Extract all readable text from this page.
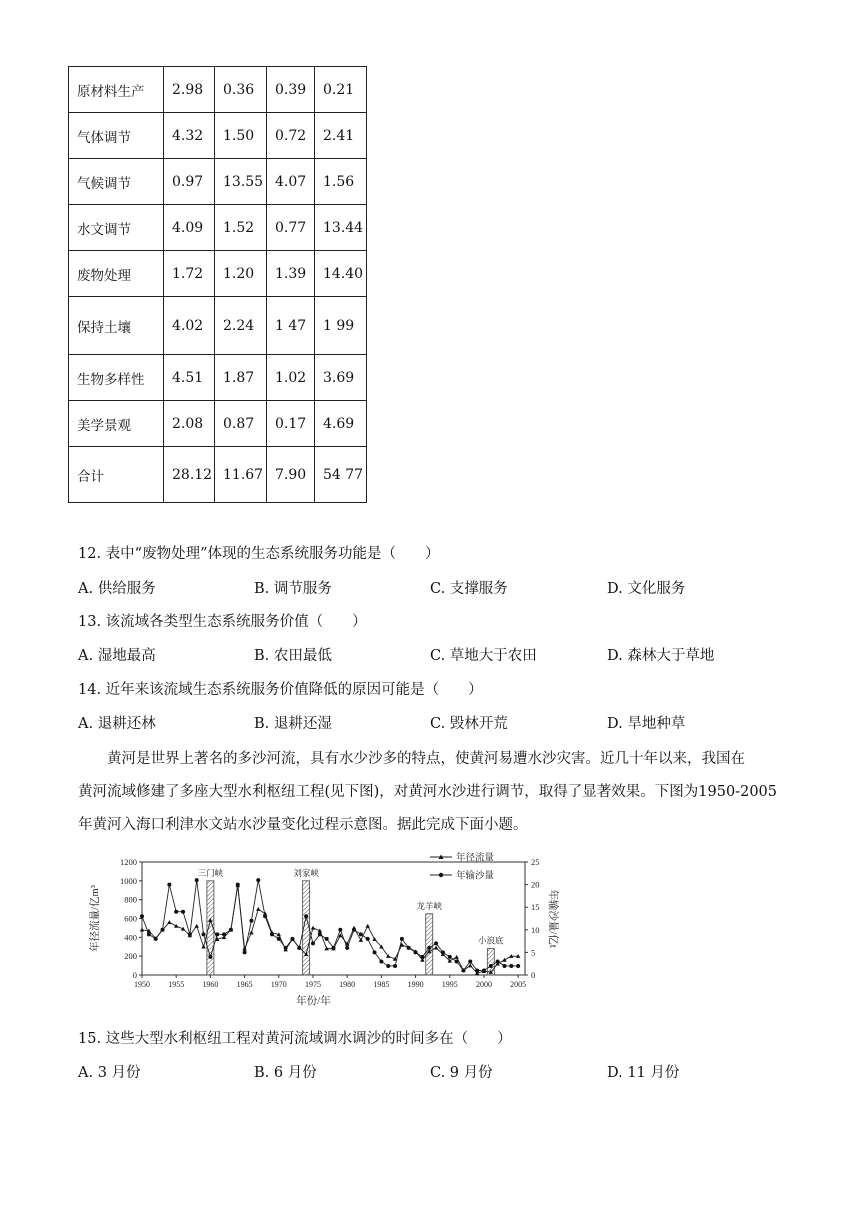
原材料生产	2.98	0.36	0.39	0.21
气体调节	4.32	1.50	0.72	2.41
气候调节	0.97	13.55	4.07	1.56
水文调节	4.09	1.52	0.77	13.44
废物处理	1.72	1.20	1.39	14.40
保持土壤	4.02	2.24	1 47	1 99
生物多样性	4.51	1.87	1.02	3.69
美学景观	2.08	0.87	0.17	4.69
合计	28.12	11.67	7.90	54 77
12. 表中“废物处理”体现的生态系统服务功能是（　　）
A. 供给服务	B. 调节服务	C. 支撑服务	D. 文化服务
13. 该流域各类型生态系统服务价值（　　）
A. 湿地最高	B. 农田最低	C. 草地大于农田	D. 森林大于草地
14. 近年来该流域生态系统服务价值降低的原因可能是（　　）
A. 退耕还林	B. 退耕还湿	C. 毁林开荒	D. 旱地种草
黄河是世界上著名的多沙河流，具有水少沙多的特点，使黄河易遭水沙灾害。近几十年以来，我国在
黄河流域修建了多座大型水利枢纽工程(见下图)，对黄河水沙进行调节，取得了显著效果。下图为1950-2005
年黄河入海口利津水文站水沙量变化过程示意图。据此完成下面小题。
三门峡	刘家峡
龙羊峡
小浪底
1950 1955 1960 1965 1970 1975 1980 1985 1990 1995 2000 2005
0
200
400
600
800
1000
1200
0
5
10
15
20
25
年份/年
年径流量/亿m³	年输沙量/亿t
年径流量
年输沙量
15. 这些大型水利枢纽工程对黄河流域调水调沙的时间多在（　　）
A. 3 月份	B. 6 月份	C. 9 月份	D. 11 月份
